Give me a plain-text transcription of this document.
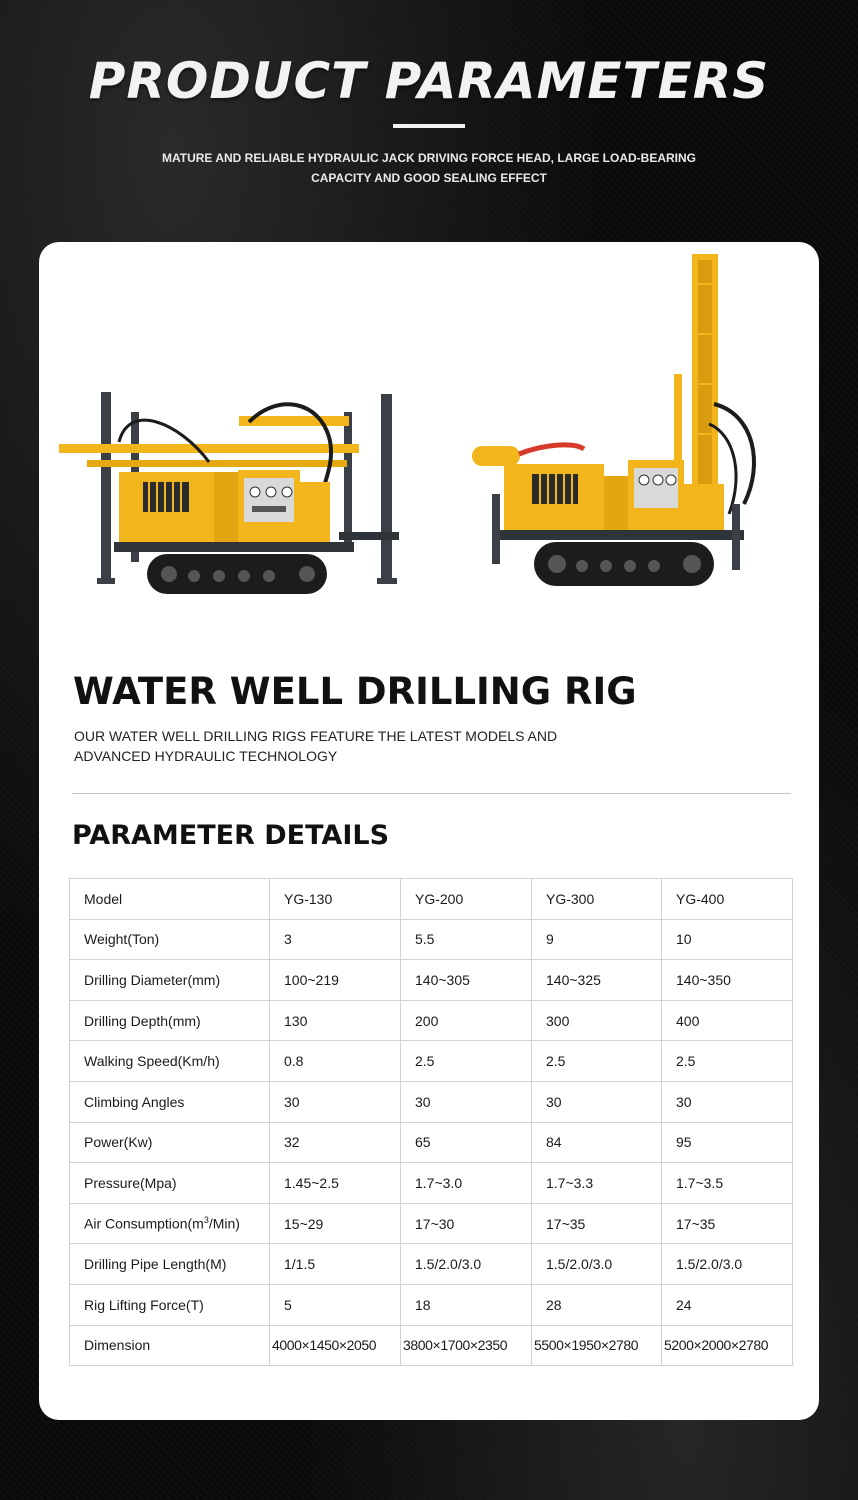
PRODUCT PARAMETERS
MATURE AND RELIABLE HYDRAULIC JACK DRIVING FORCE HEAD, LARGE LOAD-BEARING
CAPACITY AND GOOD SEALING EFFECT
WATER WELL DRILLING RIG
OUR WATER WELL DRILLING RIGS FEATURE THE LATEST MODELS AND
ADVANCED HYDRAULIC TECHNOLOGY
PARAMETER DETAILS
Model	YG-130	YG-200	YG-300	YG-400
Weight(Ton)	3	5.5	9	10
Drilling Diameter(mm)	100~219	140~305	140~325	140~350
Drilling Depth(mm)	130	200	300	400
Walking Speed(Km/h)	0.8	2.5	2.5	2.5
Climbing Angles	30	30	30	30
Power(Kw)	32	65	84	95
Pressure(Mpa)	1.45~2.5	1.7~3.0	1.7~3.3	1.7~3.5
Air $Consumption(m^3/Min)$	15~29	17~30	17~35	17~35
Drilling Pipe Length(M)	1/1.5	1.5/2.0/3.0	1.5/2.0/3.0	1.5/2.0/3.0
Rig Lifting Force(T)	5	18	28	24
Dimension	4000×1450×2050	3800×1700×2350	5500×1950×2780	5200×2000×2780
